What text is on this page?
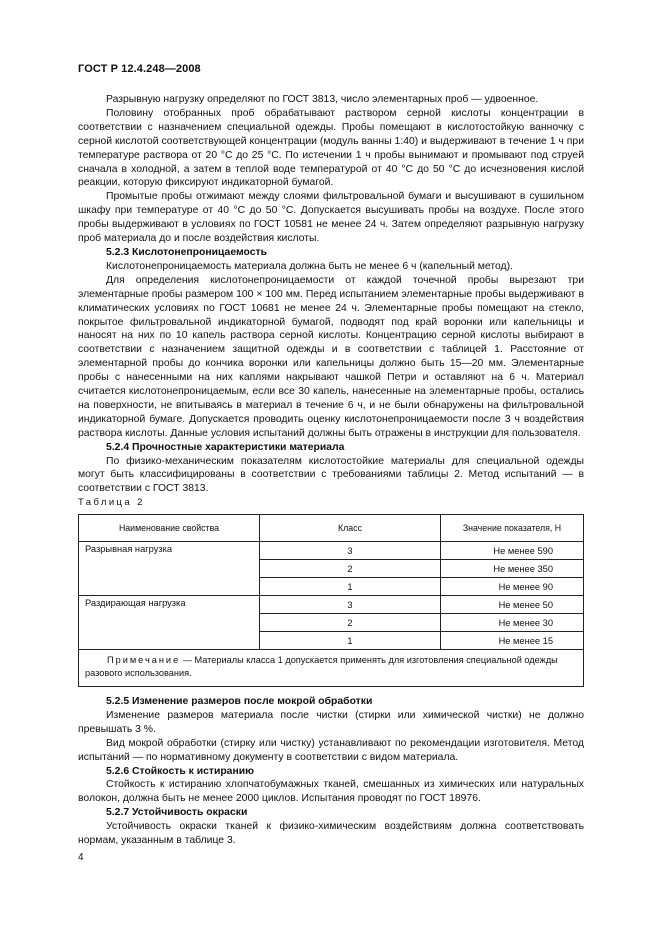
ГОСТ Р 12.4.248—2008

Разрывную нагрузку определяют по ГОСТ 3813, число элементарных проб — удвоенное.

Половину отобранных проб обрабатывают раствором серной кислоты концентрации в соответствии с назначением специальной одежды. Пробы помещают в кислотостойкую ванночку с серной кислотой соответствующей концентрации (модуль ванны 1:40) и выдерживают в течение 1 ч при температуре раствора от 20 °С до 25 °С. По истечении 1 ч пробы вынимают и промывают под струей сначала в холодной, а затем в теплой воде температурой от 40 °С до 50 °С до исчезновения кислой реакции, которую фиксируют индикаторной бумагой.

Промытые пробы отжимают между слоями фильтровальной бумаги и высушивают в сушильном шкафу при температуре от 40 °С до 50 °С. Допускается высушивать пробы на воздухе. После этого пробы выдерживают в условиях по ГОСТ 10581 не менее 24 ч. Затем определяют разрывную нагрузку проб материала до и после воздействия кислоты.

5.2.3 Кислотонепроницаемость

Кислотонепроницаемость материала должна быть не менее 6 ч (капельный метод).

Для определения кислотонепроницаемости от каждой точечной пробы вырезают три элементарные пробы размером 100 × 100 мм. Перед испытанием элементарные пробы выдерживают в климатических условиях по ГОСТ 10681 не менее 24 ч. Элементарные пробы помещают на стекло, покрытое фильтровальной индикаторной бумагой, подводят под край воронки или капельницы и наносят на них по 10 капель раствора серной кислоты. Концентрацию серной кислоты выбирают в соответствии с назначением защитной одежды и в соответствии с таблицей 1. Расстояние от элементарной пробы до кончика воронки или капельницы должно быть 15—20 мм. Элементарные пробы с нанесенными на них каплями накрывают чашкой Петри и оставляют на 6 ч. Материал считается кислотонепроницаемым, если все 30 капель, нанесенные на элементарные пробы, остались на поверхности, не впитываясь в материал в течение 6 ч, и не были обнаружены на фильтровальной индикаторной бумаге. Допускается проводить оценку кислотонепроницаемости после 3 ч воздействия раствора кислоты. Данные условия испытаний должны быть отражены в инструкции для пользователя.

5.2.4 Прочностные характеристики материала

По физико-механическим показателям кислотостойкие материалы для специальной одежды могут быть классифицированы в соответствии с требованиями таблицы 2. Метод испытаний — в соответствии с ГОСТ 3813.

Таблица 2
Наименование свойства	Класс	Значение показателя, Н
Разрывная нагрузка	3	Не менее 590
	2	Не менее 350
	1	Не менее 90
Раздирающая нагрузка	3	Не менее 50
	2	Не менее 30
	1	Не менее 15
Примечание — Материалы класса 1 допускается применять для изготовления специальной одежды разового использования.		

5.2.5 Изменение размеров после мокрой обработки

Изменение размеров материала после чистки (стирки или химической чистки) не должно превышать 3 %.

Вид мокрой обработки (стирку или чистку) устанавливают по рекомендации изготовителя. Метод испытаний — по нормативному документу в соответствии с видом материала.

5.2.6 Стойкость к истиранию

Стойкость к истиранию хлопчатобумажных тканей, смешанных из химических или натуральных волокон, должна быть не менее 2000 циклов. Испытания проводят по ГОСТ 18976.

5.2.7 Устойчивость окраски

Устойчивость окраски тканей к физико-химическим воздействиям должна соответствовать нормам, указанным в таблице 3.

4
